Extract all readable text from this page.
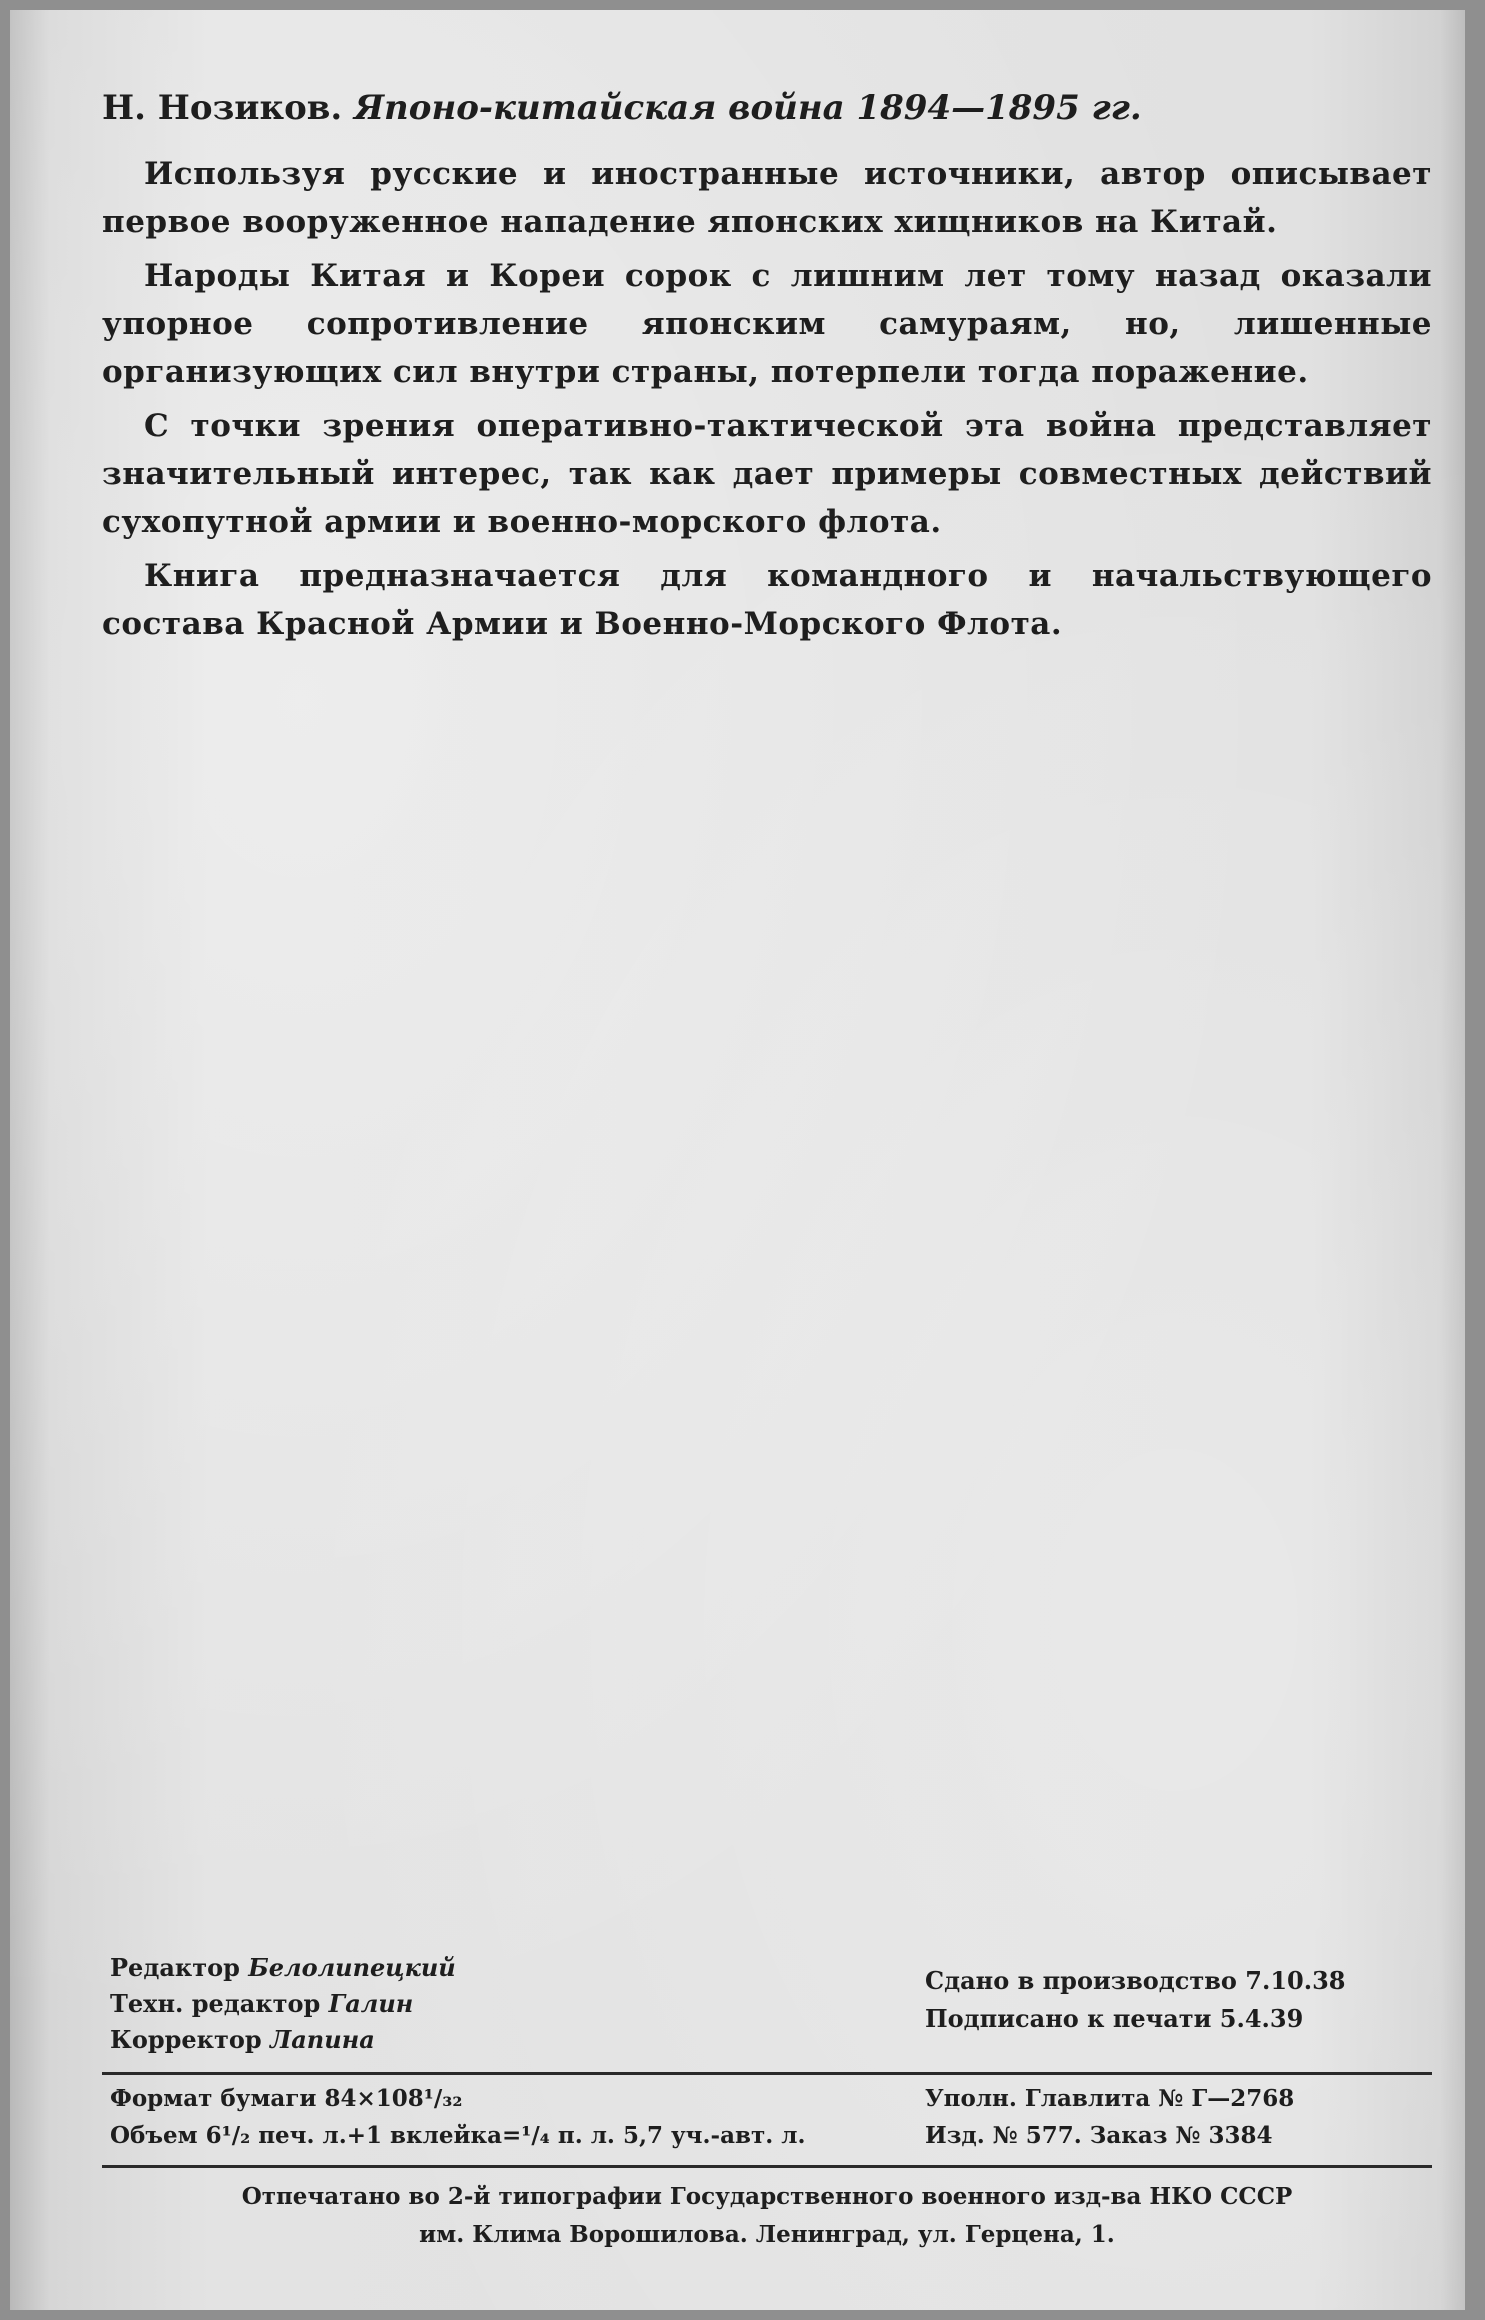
Н. Нозиков. Японо-китайская война 1894—1895 гг.

Используя русские и иностранные источники, автор описывает первое вооруженное нападение японских хищников на Китай.

Народы Китая и Кореи сорок с лишним лет тому назад оказали упорное сопротивление японским самураям, но, лишенные организующих сил внутри страны, потерпели тогда поражение.

С точки зрения оперативно-тактической эта война представляет значительный интерес, так как дает примеры совместных действий сухопутной армии и военно-морского флота.

Книга предназначается для командного и начальствующего состава Красной Армии и Военно-Морского Флота.

Редактор Белолипецкий
Техн. редактор Галин
Корректор Лапина
Сдано в производство 7.10.38
Подписано к печати 5.4.39
Формат бумаги 84×108¹/₃₂	Уполн. Главлита № Г—2768
Объем 6¹/₂ печ. л.+1 вклейка=¹/₄ п. л. 5,7 уч.-авт. л.	Изд. № 577. Заказ № 3384
Отпечатано во 2-й типографии Государственного военного изд-ва НКО СССР
им. Клима Ворошилова. Ленинград, ул. Герцена, 1.
